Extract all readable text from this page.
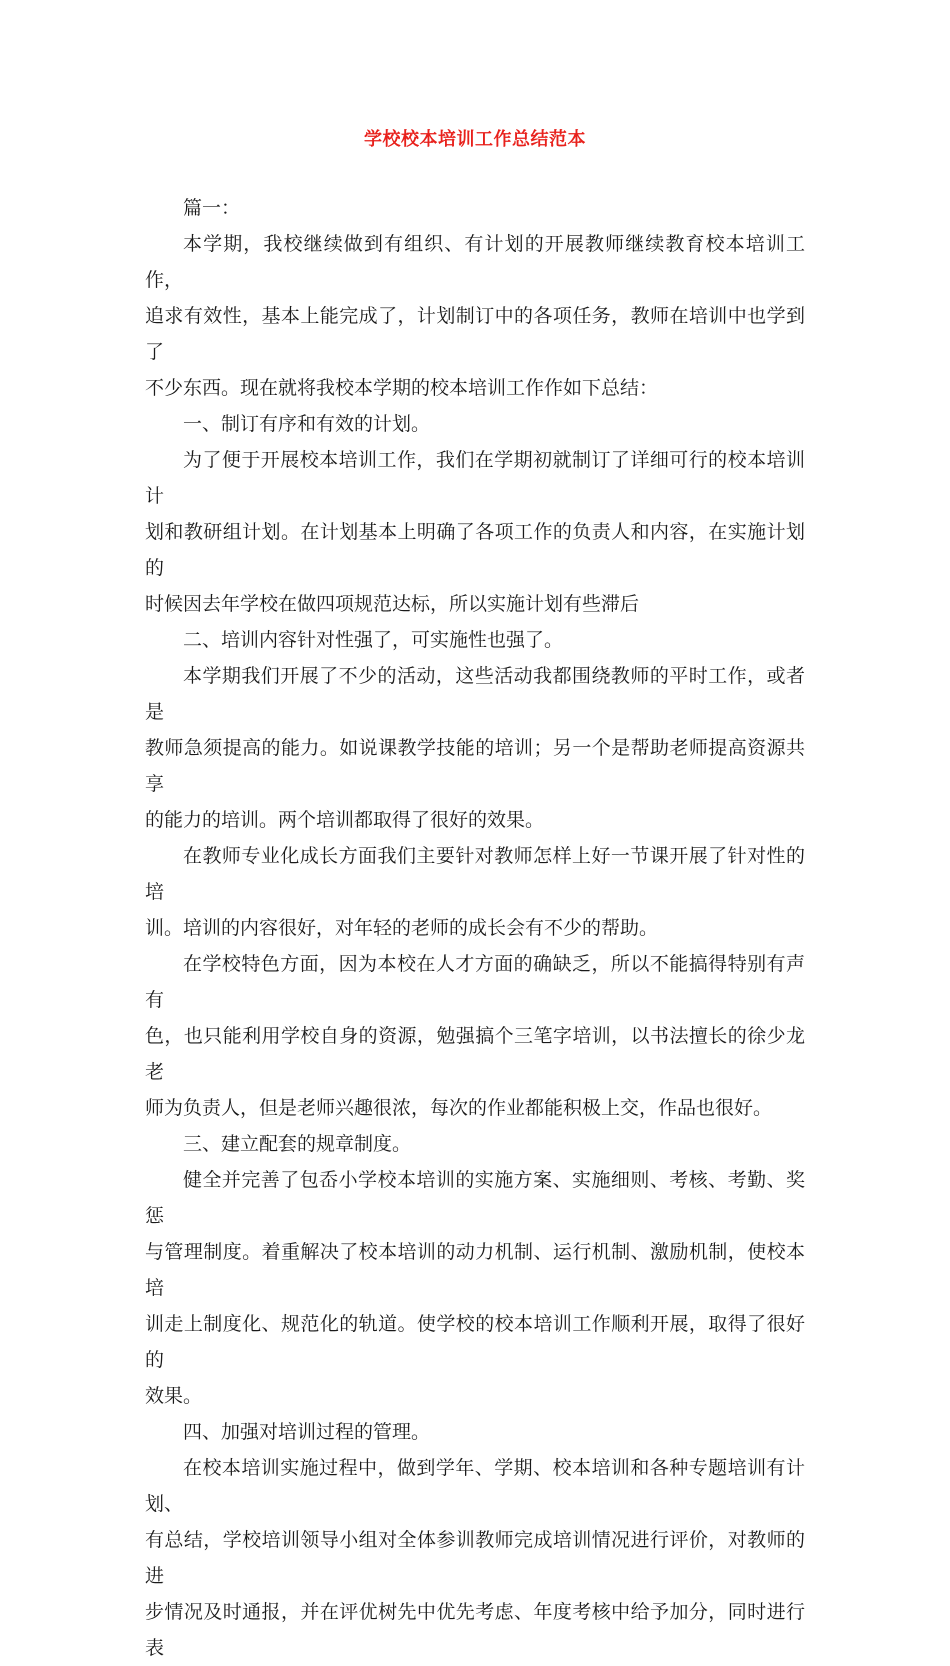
学校校本培训工作总结范本

篇一：

本学期，我校继续做到有组织、有计划的开展教师继续教育校本培训工作，
追求有效性，基本上能完成了，计划制订中的各项任务，教师在培训中也学到了
不少东西。现在就将我校本学期的校本培训工作作如下总结：

一、制订有序和有效的计划。

为了便于开展校本培训工作，我们在学期初就制订了详细可行的校本培训计
划和教研组计划。在计划基本上明确了各项工作的负责人和内容，在实施计划的
时候因去年学校在做四项规范达标，所以实施计划有些滞后

二、培训内容针对性强了，可实施性也强了。

本学期我们开展了不少的活动，这些活动我都围绕教师的平时工作，或者是
教师急须提高的能力。如说课教学技能的培训；另一个是帮助老师提高资源共享
的能力的培训。两个培训都取得了很好的效果。

在教师专业化成长方面我们主要针对教师怎样上好一节课开展了针对性的培
训。培训的内容很好，对年轻的老师的成长会有不少的帮助。

在学校特色方面，因为本校在人才方面的确缺乏，所以不能搞得特别有声有
色，也只能利用学校自身的资源，勉强搞个三笔字培训，以书法擅长的徐少龙老
师为负责人，但是老师兴趣很浓，每次的作业都能积极上交，作品也很好。

三、建立配套的规章制度。

健全并完善了包岙小学校本培训的实施方案、实施细则、考核、考勤、奖惩
与管理制度。着重解决了校本培训的动力机制、运行机制、激励机制，使校本培
训走上制度化、规范化的轨道。使学校的校本培训工作顺利开展，取得了很好的
效果。

四、加强对培训过程的管理。

在校本培训实施过程中，做到学年、学期、校本培训和各种专题培训有计划、
有总结，学校培训领导小组对全体参训教师完成培训情况进行评价，对教师的进
步情况及时通报，并在评优树先中优先考虑、年度考核中给予加分，同时进行表
